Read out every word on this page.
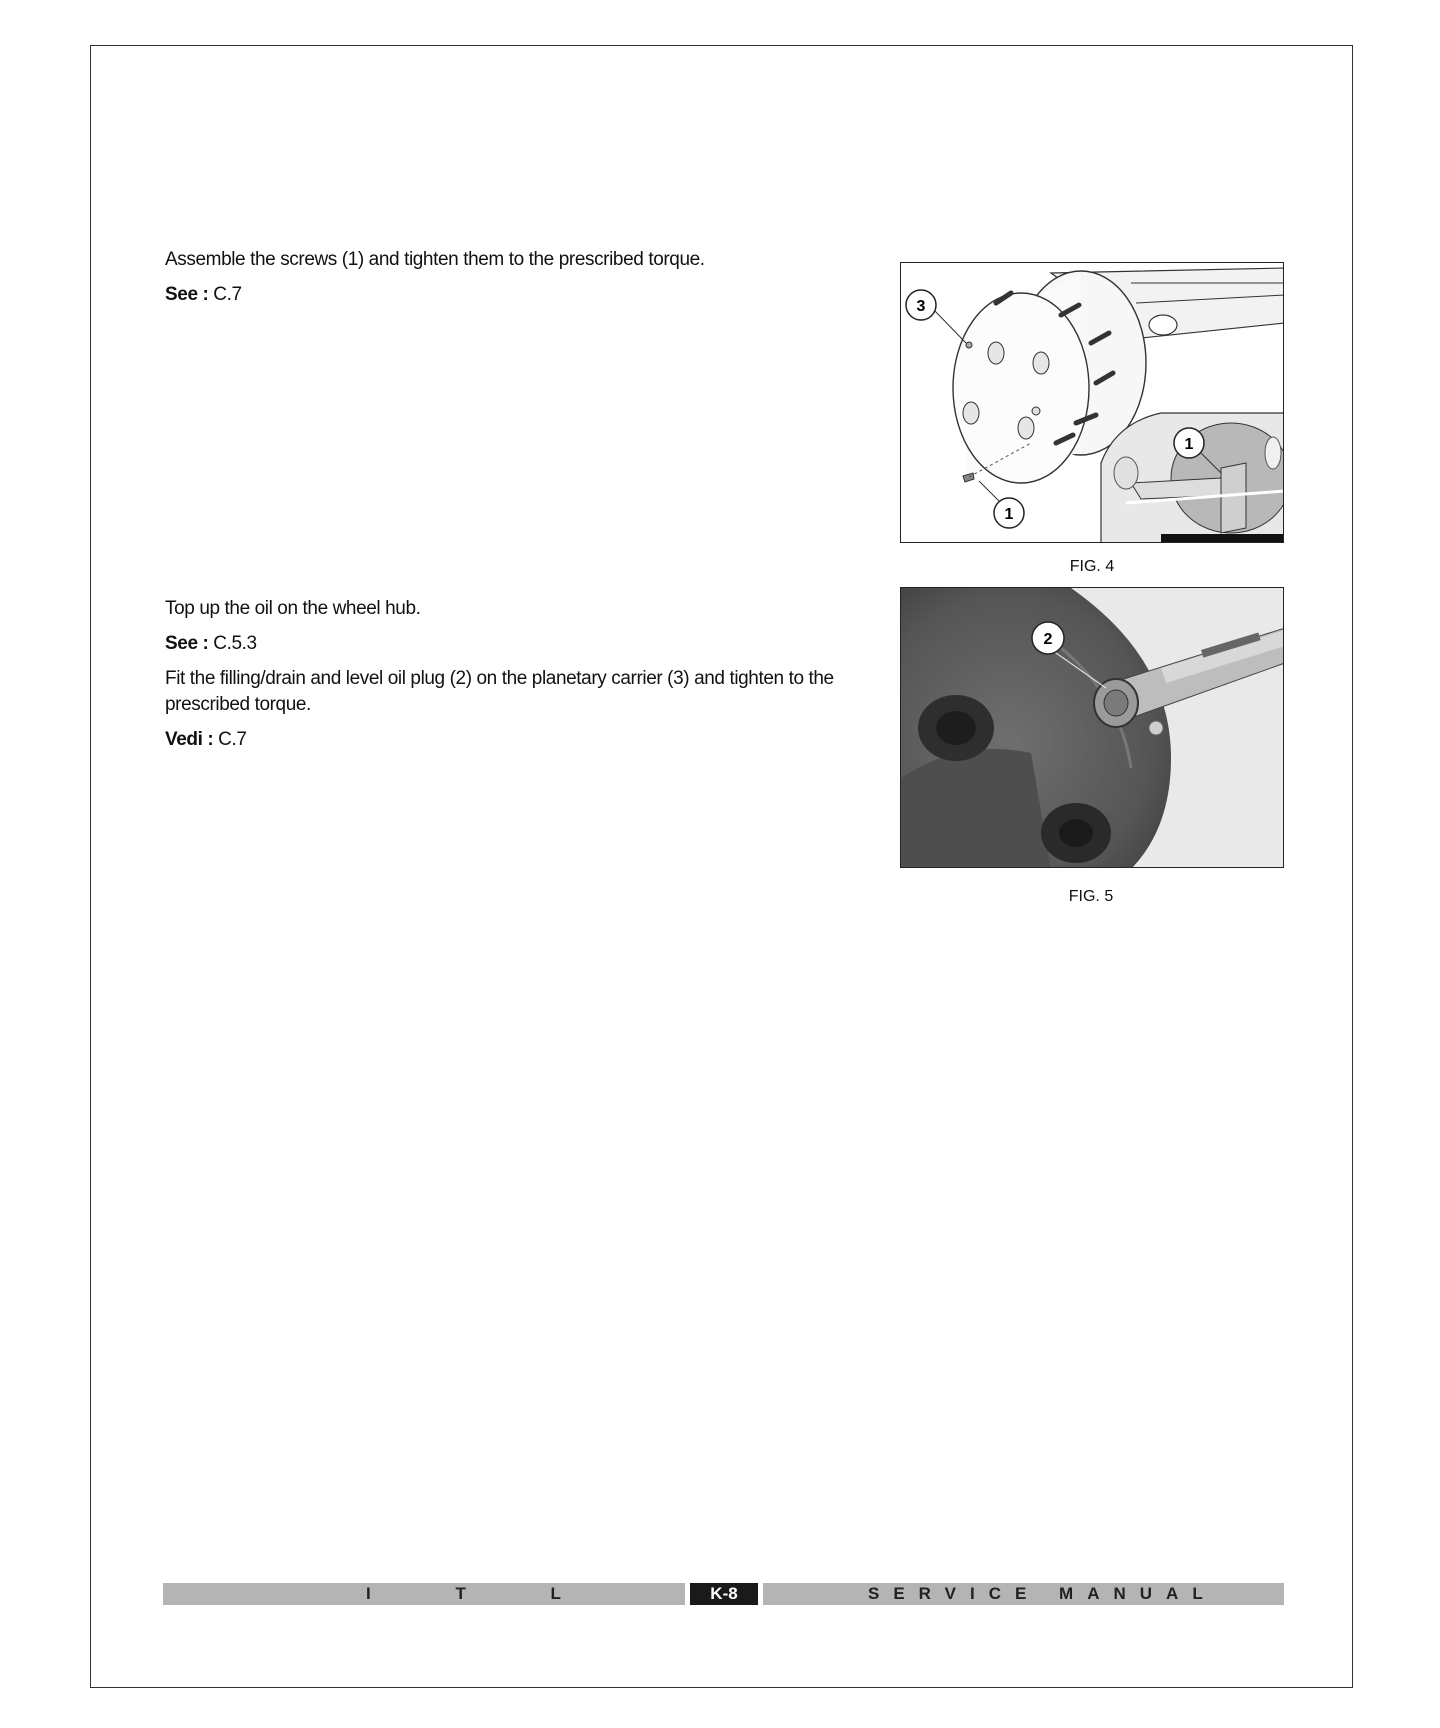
Assemble the screws (1) and tighten them to the prescribed torque.

See : C.7

3
1
1
FIG. 4

Top up the oil on the wheel hub.

See : C.5.3

Fit the filling/drain and level oil plug (2) on the planetary carrier (3) and tighten to the prescribed torque.

Vedi : C.7

2
FIG. 5
I T L	K-8	SERVICE MANUAL
